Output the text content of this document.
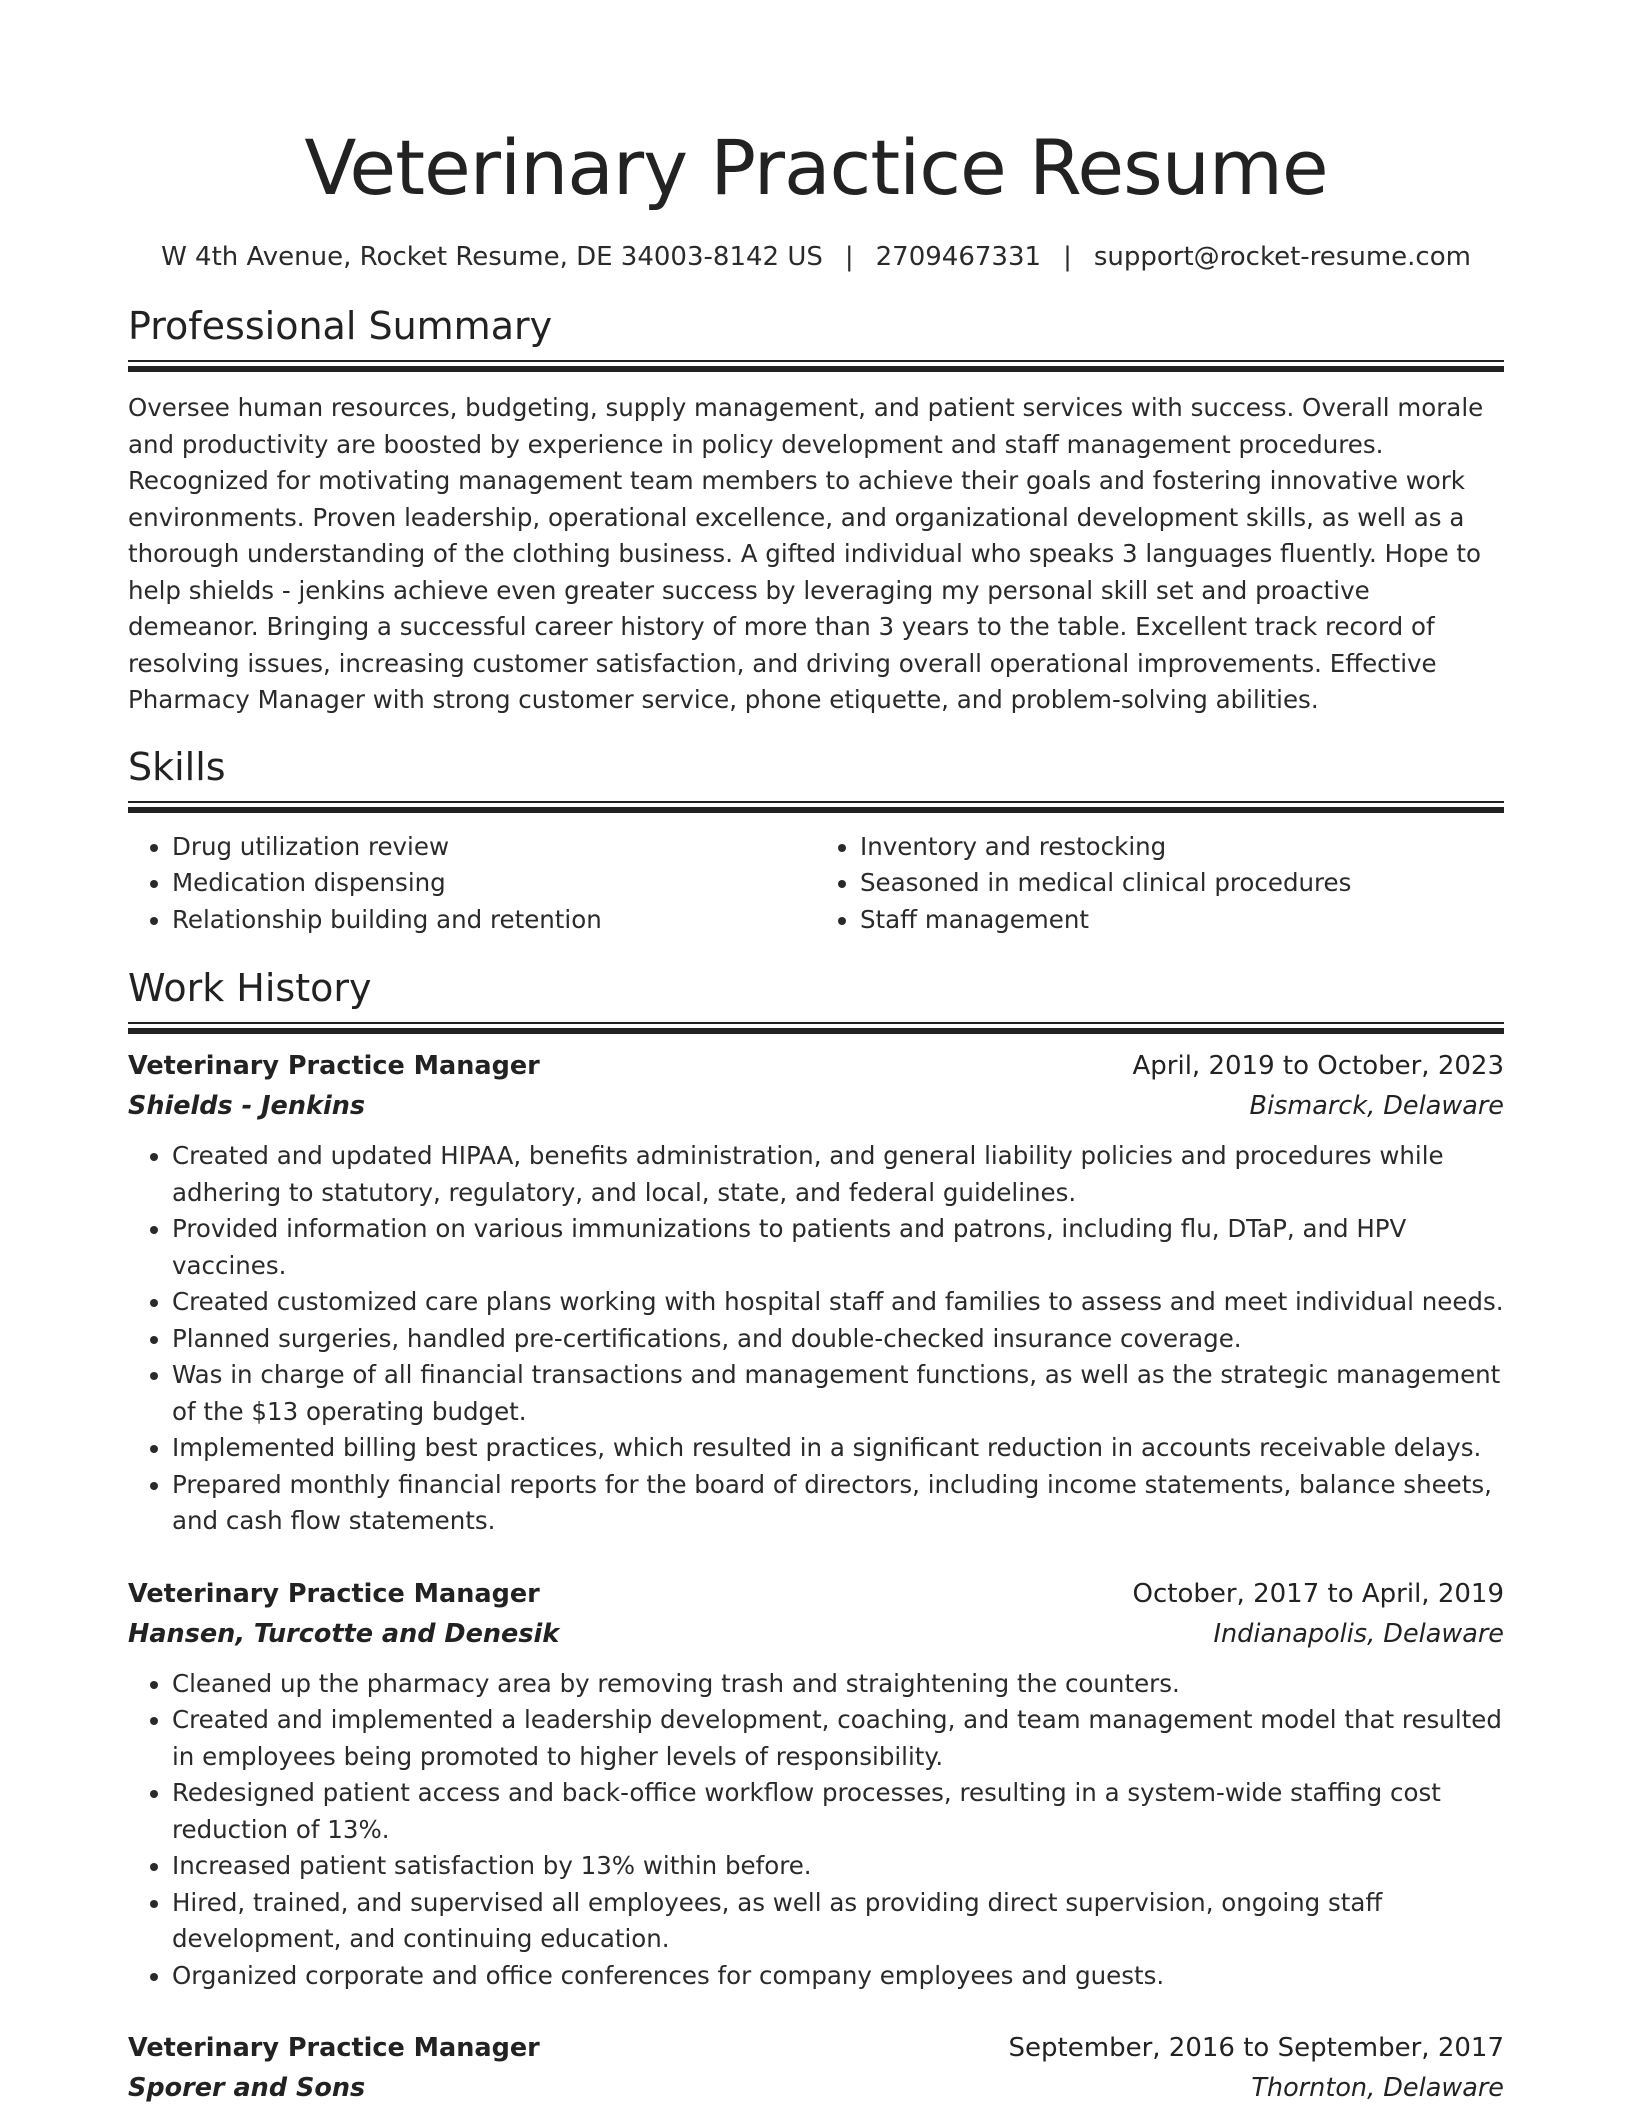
Veterinary Practice Resume
W 4th Avenue, Rocket Resume, DE 34003-8142 US | 2709467331 | support@rocket-resume.com
Professional Summary

Oversee human resources, budgeting, supply management, and patient services with success. Overall morale and productivity are boosted by experience in policy development and staff management procedures. Recognized for motivating management team members to achieve their goals and fostering innovative work environments. Proven leadership, operational excellence, and organizational development skills, as well as a thorough understanding of the clothing business. A gifted individual who speaks 3 languages fluently. Hope to help shields - jenkins achieve even greater success by leveraging my personal skill set and proactive demeanor. Bringing a successful career history of more than 3 years to the table. Excellent track record of resolving issues, increasing customer satisfaction, and driving overall operational improvements. Effective Pharmacy Manager with strong customer service, phone etiquette, and problem-solving abilities.

Skills
• Drug utilization review
• Medication dispensing
• Relationship building and retention
• Inventory and restocking
• Seasoned in medical clinical procedures
• Staff management
Work History
Veterinary Practice Manager	April, 2019 to October, 2023
Shields - Jenkins	Bismarck, Delaware
• Created and updated HIPAA, benefits administration, and general liability policies and procedures while adhering to statutory, regulatory, and local, state, and federal guidelines.
• Provided information on various immunizations to patients and patrons, including flu, DTaP, and HPV vaccines.
• Created customized care plans working with hospital staff and families to assess and meet individual needs.
• Planned surgeries, handled pre-certifications, and double-checked insurance coverage.
• Was in charge of all financial transactions and management functions, as well as the strategic management of the $13 operating budget.
• Implemented billing best practices, which resulted in a significant reduction in accounts receivable delays.
• Prepared monthly financial reports for the board of directors, including income statements, balance sheets, and cash flow statements.
Veterinary Practice Manager	October, 2017 to April, 2019
Hansen, Turcotte and Denesik	Indianapolis, Delaware
• Cleaned up the pharmacy area by removing trash and straightening the counters.
• Created and implemented a leadership development, coaching, and team management model that resulted in employees being promoted to higher levels of responsibility.
• Redesigned patient access and back-office workflow processes, resulting in a system-wide staffing cost reduction of 13%.
• Increased patient satisfaction by 13% within before.
• Hired, trained, and supervised all employees, as well as providing direct supervision, ongoing staff development, and continuing education.
• Organized corporate and office conferences for company employees and guests.
Veterinary Practice Manager	September, 2016 to September, 2017
Sporer and Sons	Thornton, Delaware
